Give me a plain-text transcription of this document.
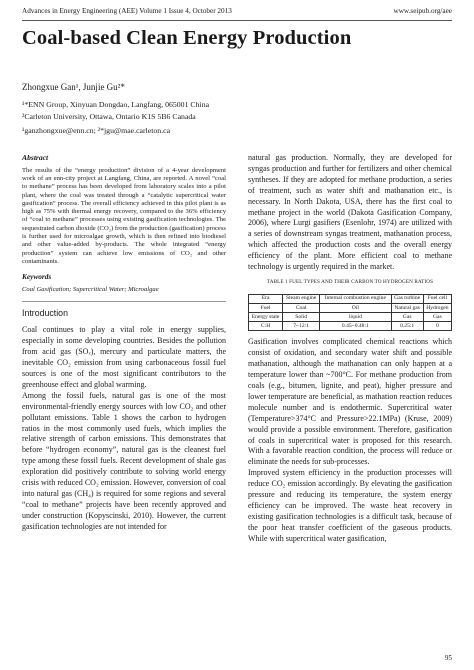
Advances in Energy Engineering (AEE) Volume 1 Issue 4, October 2013	www.seipub.org/aee
Coal-based Clean Energy Production
Zhongxue Gan¹, Junjie Gu²*
¹*ENN Group, Xinyuan Dongdao, Langfang, 065001 China
²Carleton University, Ottawa, Ontario K1S 5B6 Canada
¹ganzhongxue@enn.cn; ²*jgu@mae.carleton.ca
Abstract

The results of the “energy production” division of a 4-year development work of an enn-city project at Langfang, China, are reported. A novel “coal to methane” process has been developed from laboratory scales into a pilot plant, where the coal was treated through a “catalytic supercritical water gasification” process. The overall efficiency achieved in this pilot plant is as high as 75% with thermal energy recovery, compared to the 36% efficiency of “coal to methane” processes using existing gasification technologies. The sequestrated carbon dioxide (CO₂) from the production (gasification) process is further used for microalgae growth, which is then refined into biodiesel and other value-added by-products. The whole integrated “energy production” system can achieve low emissions of CO₂ and other contaminants.

Keywords
Coal Gasification; Supercritical Water; Microalgae
Introduction

Coal continues to play a vital role in energy supplies, especially in some developing countries. Besides the pollution from acid gas (SOₓ), mercury and particulate matters, the inevitable CO₂ emission from using carbonaceous fossil fuel sources is one of the most significant contributors to the greenhouse effect and global warming.

Among the fossil fuels, natural gas is one of the most environmental-friendly energy sources with low CO₂ and other pollutant emissions. Table 1 shows the carbon to hydrogen ratios in the most commonly used fuels, which implies the relative strength of carbon emissions. This demonstrates that before “hydrogen economy”, natural gas is the cleanest fuel type among these fossil fuels. Recent development of shale gas exploration did positively contribute to solving world energy crisis with reduced CO₂ emission. However, conversion of coal into natural gas (CH₄) is required for some regions and several “coal to methane” projects have been recently approved and under construction (Kopyscinski, 2010). However, the current gasification technologies are not intended for

natural gas production. Normally, they are developed for syngas production and further for fertilizers and other chemical syntheses. If they are adopted for methane production, a series of treatment, such as water shift and mathanation etc., is necessary. In North Dakota, USA, there has the first coal to methane project in the world (Dakota Gasification Company, 2006), where Lurgi gasifiers (Esenlohr, 1974) are utilized with a series of downstream syngas treatment, mathanation process, which affected the production costs and the overall energy efficiency of the plant. More efficient coal to methane technology is urgently required in the market.

TABLE 1 FUEL TYPES AND THEIR CARBON TO HYDROGEN RATIOS
Era	Steam engine	Internal combustion engine	Gas turbine	Fuel cell
Fuel	Coal	Oil	Natural gas	Hydrogen
Energy state	Solid	liquid	Gas	Gas
C:H	7~12:1	0.45~0.48:1	0.25:1	0

Gasification involves complicated chemical reactions which consist of oxidation, and secondary water shift and possible mathanation, although the mathanation can only happen at a temperature lower than ~700°C. For methane production from coals (e.g., bitumen, lignite, and peat), higher pressure and lower temperature are beneficial, as mathation reaction reduces molecule number and is endothermic. Supercritical water (Temperature>374°C and Pressure>22.1MPa) (Kruse, 2009) would provide a possible environment. Therefore, gasification of coals in supercritical water is proposed for this research. With a favorable reaction condition, the process will reduce or eliminate the needs for sub-processes.

Improved system efficiency in the production processes will reduce CO₂ emission accordingly. By elevating the gasification pressure and reducing its temperature, the system energy efficiency can be improved. The waste heat recovery in existing gasification technologies is a difficult task, because of the poor heat transfer coefficient of the gaseous products. While with supercritical water gasification,

95
